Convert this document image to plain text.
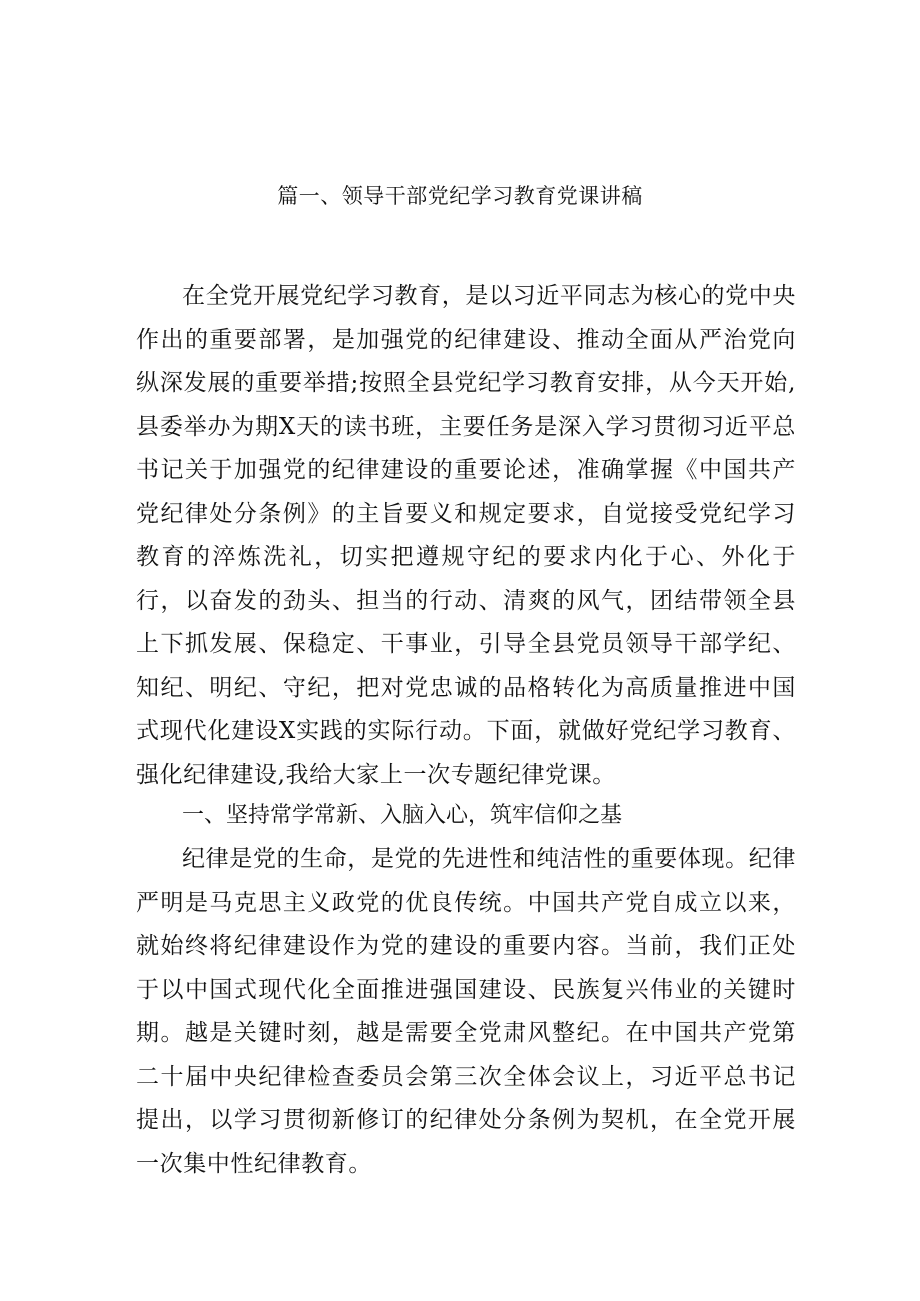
篇一、领导干部党纪学习教育党课讲稿

在全党开展党纪学习教育，是以习近平同志为核心的党中央作出的重要部署，是加强党的纪律建设、推动全面从严治党向纵深发展的重要举措;按照全县党纪学习教育安排，从今天开始,县委举办为期X天的读书班，主要任务是深入学习贯彻习近平总书记关于加强党的纪律建设的重要论述，准确掌握《中国共产党纪律处分条例》的主旨要义和规定要求，自觉接受党纪学习教育的淬炼洗礼，切实把遵规守纪的要求内化于心、外化于行，以奋发的劲头、担当的行动、清爽的风气，团结带领全县上下抓发展、保稳定、干事业，引导全县党员领导干部学纪、知纪、明纪、守纪，把对党忠诚的品格转化为高质量推进中国式现代化建设X实践的实际行动。下面，就做好党纪学习教育、强化纪律建设,我给大家上一次专题纪律党课。

一、坚持常学常新、入脑入心，筑牢信仰之基

纪律是党的生命，是党的先进性和纯洁性的重要体现。纪律严明是马克思主义政党的优良传统。中国共产党自成立以来，就始终将纪律建设作为党的建设的重要内容。当前，我们正处于以中国式现代化全面推进强国建设、民族复兴伟业的关键时期。越是关键时刻，越是需要全党肃风整纪。在中国共产党第二十届中央纪律检查委员会第三次全体会议上，习近平总书记提出，以学习贯彻新修订的纪律处分条例为契机，在全党开展一次集中性纪律教育。
